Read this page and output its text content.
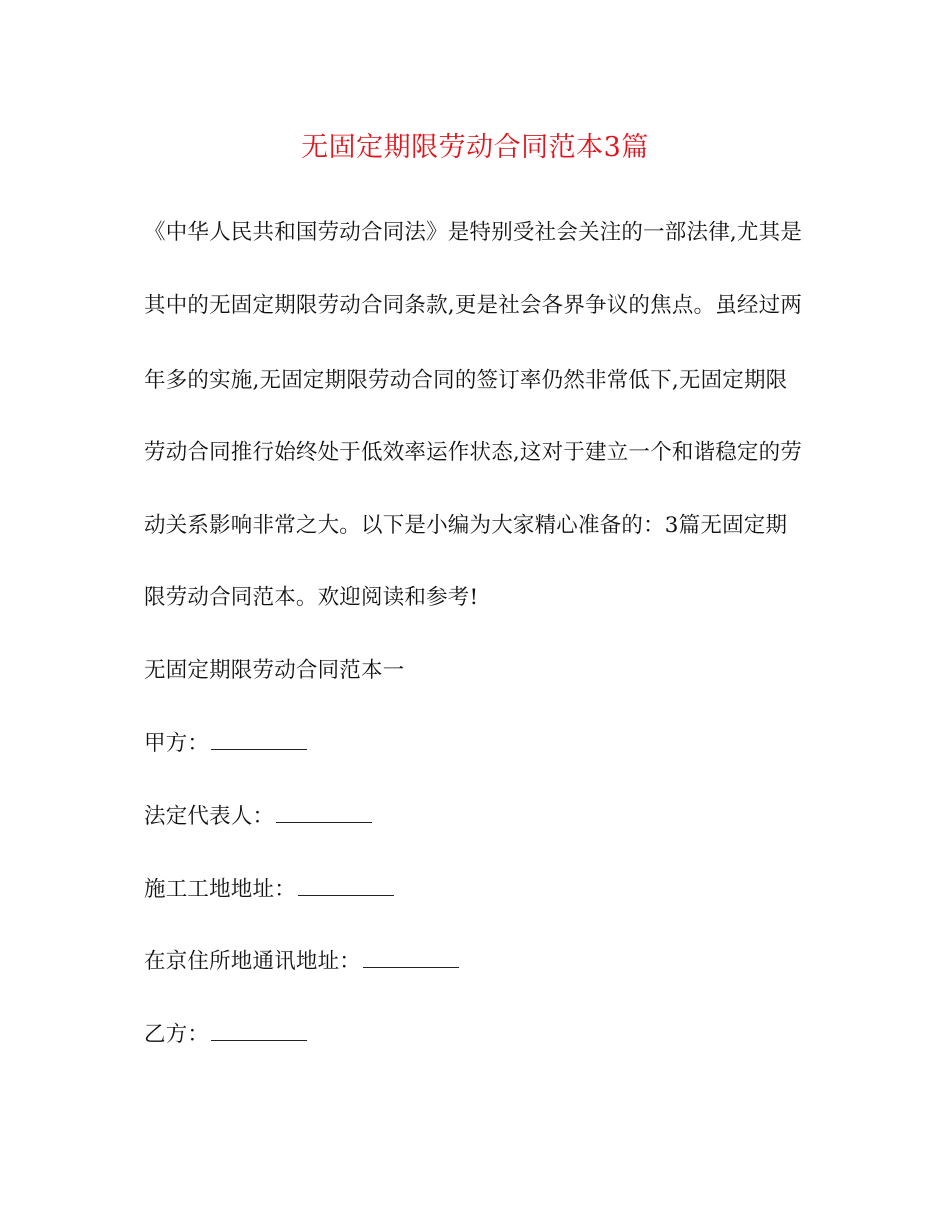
无固定期限劳动合同范本3篇
《中华人民共和国劳动合同法》是特别受社会关注的一部法律,尤其是
其中的无固定期限劳动合同条款,更是社会各界争议的焦点。虽经过两
年多的实施,无固定期限劳动合同的签订率仍然非常低下,无固定期限
劳动合同推行始终处于低效率运作状态,这对于建立一个和谐稳定的劳
动关系影响非常之大。以下是小编为大家精心准备的：3篇无固定期
限劳动合同范本。欢迎阅读和参考!
无固定期限劳动合同范本一
甲方：
法定代表人：
施工工地地址：
在京住所地通讯地址：
乙方：
